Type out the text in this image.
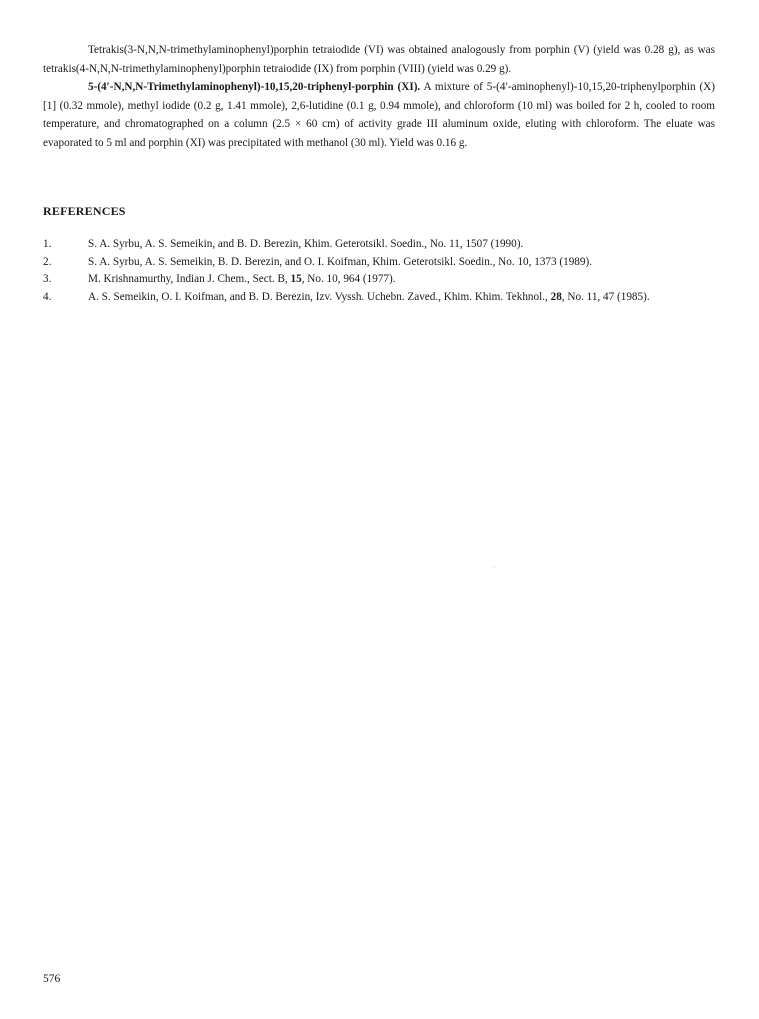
Tetrakis(3-N,N,N-trimethylaminophenyl)porphin tetraiodide (VI) was obtained analogously from porphin (V) (yield was 0.28 g), as was tetrakis(4-N,N,N-trimethylaminophenyl)porphin tetraiodide (IX) from porphin (VIII) (yield was 0.29 g).

5-(4′-N,N,N-Trimethylaminophenyl)-10,15,20-triphenyl-porphin (XI). A mixture of 5-(4′-aminophenyl)-10,15,20-triphenylporphin (X) [1] (0.32 mmole), methyl iodide (0.2 g, 1.41 mmole), 2,6-lutidine (0.1 g, 0.94 mmole), and chloroform (10 ml) was boiled for 2 h, cooled to room temperature, and chromatographed on a column (2.5 × 60 cm) of activity grade III aluminum oxide, eluting with chloroform. The eluate was evaporated to 5 ml and porphin (XI) was precipitated with methanol (30 ml). Yield was 0.16 g.

REFERENCES
1.	S. A. Syrbu, A. S. Semeikin, and B. D. Berezin, Khim. Geterotsikl. Soedin., No. 11, 1507 (1990).
2.	S. A. Syrbu, A. S. Semeikin, B. D. Berezin, and O. I. Koifman, Khim. Geterotsikl. Soedin., No. 10, 1373 (1989).
3.	M. Krishnamurthy, Indian J. Chem., Sect. B, 15, No. 10, 964 (1977).
4.	A. S. Semeikin, O. I. Koifman, and B. D. Berezin, Izv. Vyssh. Uchebn. Zaved., Khim. Khim. Tekhnol., 28, No. 11, 47 (1985).
·
576
